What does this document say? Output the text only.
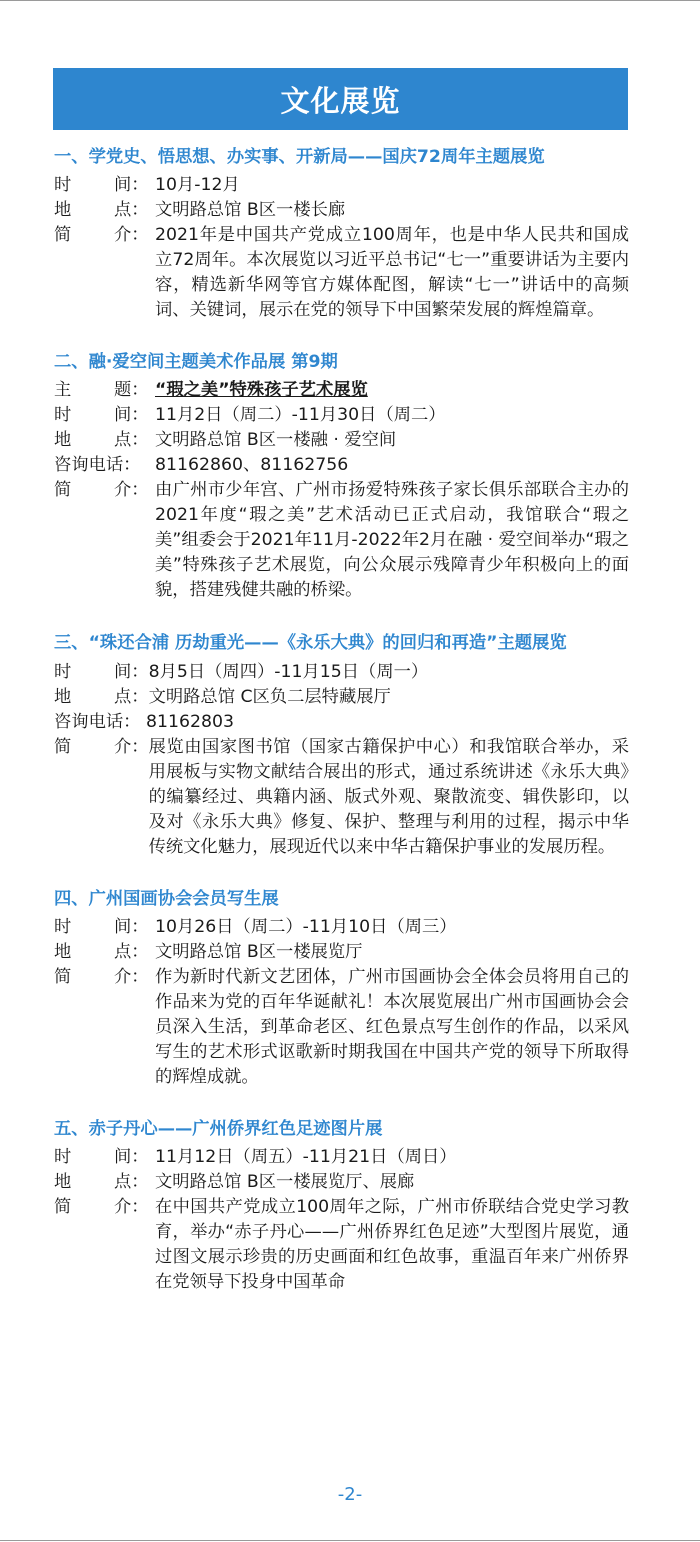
文化展览
一、学党史、悟思想、办实事、开新局——国庆72周年主题展览
时 间： 10月-12月
地 点： 文明路总馆 B区一楼长廊
简 介： 2021年是中国共产党成立100周年，也是中华人民共和国成立72周年。本次展览以习近平总书记“七一”重要讲话为主要内容，精选新华网等官方媒体配图，解读“七一”讲话中的高频词、关键词，展示在党的领导下中国繁荣发展的辉煌篇章。
二、融·爱空间主题美术作品展 第9期
主 题： “瑕之美”特殊孩子艺术展览
时 间： 11月2日（周二）-11月30日（周二）
地 点： 文明路总馆 B区一楼融 · 爱空间
咨询电话： 81162860、81162756
简 介： 由广州市少年宫、广州市扬爱特殊孩子家长俱乐部联合主办的2021年度“瑕之美”艺术活动已正式启动，我馆联合“瑕之美”组委会于2021年11月-2022年2月在融 · 爱空间举办“瑕之美”特殊孩子艺术展览，向公众展示残障青少年积极向上的面貌，搭建残健共融的桥梁。
三、“珠还合浦 历劫重光——《永乐大典》的回归和再造”主题展览
时 间： 8月5日（周四）-11月15日（周一）
地 点： 文明路总馆 C区负二层特藏展厅
咨询电话： 81162803
简 介： 展览由国家图书馆（国家古籍保护中心）和我馆联合举办，采用展板与实物文献结合展出的形式，通过系统讲述《永乐大典》的编纂经过、典籍内涵、版式外观、聚散流变、辑佚影印，以及对《永乐大典》修复、保护、整理与利用的过程，揭示中华传统文化魅力，展现近代以来中华古籍保护事业的发展历程。
四、广州国画协会会员写生展
时 间： 10月26日（周二）-11月10日（周三）
地 点： 文明路总馆 B区一楼展览厅
简 介： 作为新时代新文艺团体，广州市国画协会全体会员将用自己的作品来为党的百年华诞献礼！本次展览展出广州市国画协会会员深入生活，到革命老区、红色景点写生创作的作品，以采风写生的艺术形式讴歌新时期我国在中国共产党的领导下所取得的辉煌成就。
五、赤子丹心——广州侨界红色足迹图片展
时 间： 11月12日（周五）-11月21日（周日）
地 点： 文明路总馆 B区一楼展览厅、展廊
简 介： 在中国共产党成立100周年之际，广州市侨联结合党史学习教育，举办“赤子丹心——广州侨界红色足迹”大型图片展览，通过图文展示珍贵的历史画面和红色故事，重温百年来广州侨界在党领导下投身中国革命
-2-
